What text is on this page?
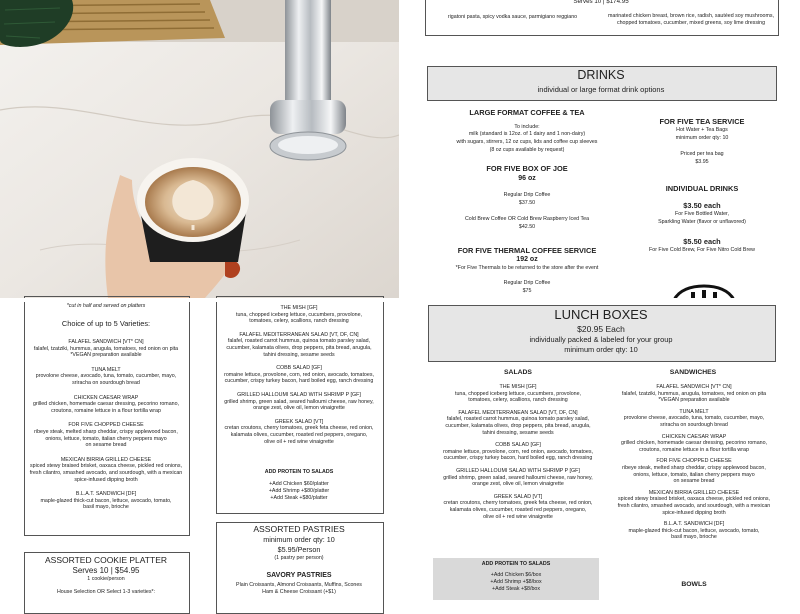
Serves 10 | $174.95
rigatoni pasta, spicy vodka sauce, parmigiano reggiano	marinated chicken breast, brown rice, radish, sautéed soy mushrooms,
chopped tomatoes, cucumber, mixed greens, soy lime dressing
DRINKS
individual or large format drink options
LARGE FORMAT COFFEE & TEA
To include:
milk (standard is 12oz. of 1 dairy and 1 non-dairy)
with sugars, stirrers, 12 oz cups, lids and coffee cup sleeves
(8 oz cups available by request)
FOR FIVE BOX OF JOE
96 oz
Regular Drip Coffee
$37.50
Cold Brew Coffee OR Cold Brew Raspberry Iced Tea
$42.50
FOR FIVE THERMAL COFFEE SERVICE
192 oz
*For Five Thermals to be returned to the store after the event
Regular Drip Coffee
$75
FOR FIVE TEA SERVICE
Hot Water + Tea Bags
minimum order qty: 10
Priced per tea bag
$3.95
INDIVIDUAL DRINKS
$3.50 each
For Five Bottled Water,
Sparkling Water (flavor or unflavored)
$5.50 each
For Five Cold Brew, For Five Nitro Cold Brew
*cut in half and served on platters
Choice of up to 5 Varieties:
FALAFEL SANDWICH [VT* CN]
falafel, tzatziki, hummus, arugula, tomatoes, red onion on pita
*VEGAN preparation available
TUNA MELT
provolone cheese, avocado, tuna, tomato, cucumber, mayo,
sriracha on sourdough bread
CHICKEN CAESAR WRAP
grilled chicken, homemade caesar dressing, pecorino romano,
croutons, romaine lettuce in a flour tortilla wrap
FOR FIVE CHOPPED CHEESE
ribeye steak, melted sharp cheddar, crispy applewood bacon,
onions, lettuce, tomato, italian cherry peppers mayo
on sesame bread
MEXICAN BIRRIA GRILLED CHEESE
spiced stewy braised brisket, oaxaca cheese, pickled red onions,
fresh cilantro, smashed avocado, and sourdough, with a mexican
spice-infused dipping broth
B.L.A.T. SANDWICH [DF]
maple-glazed thick-cut bacon, lettuce, avocado, tomato,
basil mayo, brioche
ASSORTED COOKIE PLATTER
Serves 10 | $54.95
1 cookie/person
House Selection OR Select 1-3 varieties*:
THE MISH [GF]
tuna, chopped iceberg lettuce, cucumbers, provolone,
tomatoes, celery, scallions, ranch dressing
FALAFEL MEDITERRANEAN SALAD [VT, DF, CN]
falafel, roasted carrot hummus, quinoa tomato parsley salad,
cucumber, kalamata olives, drop peppers, pita bread, arugula,
tahini dressing, sesame seeds
COBB SALAD [GF]
romaine lettuce, provolone, corn, red onion, avocado, tomatoes,
cucumber, crispy turkey bacon, hard boiled egg, ranch dressing
GRILLED HALLOUMI SALAD WITH SHRIMP P [GF]
grilled shrimp, green salad, seared halloumi cheese, raw honey,
orange zest, olive oil, lemon vinaigrette
GREEK SALAD [VT]
cretan croutons, cherry tomatoes, greek feta cheese, red onion,
kalamata olives, cucumber, roasted red peppers, oregano,
olive oil + red wine vinaigrette
ADD PROTEIN TO SALADS
+Add Chicken $60/platter
+Add Shrimp +$80/platter
+Add Steak +$80/platter
ASSORTED PASTRIES
minimum order qty: 10
$5.95/Person
(1 pastry per person)
SAVORY PASTRIES
Plain Croissants, Almond Croissants, Muffins, Scones
Ham & Cheese Croissant (+$1)
LUNCH BOXES
$20.95 Each
individually packed & labeled for your group
minimum order qty: 10
SALADS	SANDWICHES
THE MISH [GF]
tuna, chopped iceberg lettuce, cucumbers, provolone,
tomatoes, celery, scallions, ranch dressing
FALAFEL MEDITERRANEAN SALAD [VT, DF, CN]
falafel, roasted carrot hummus, quinoa tomato parsley salad,
cucumber, kalamata olives, drop peppers, pita bread, arugula,
tahini dressing, sesame seeds
COBB SALAD [GF]
romaine lettuce, provolone, corn, red onion, avocado, tomatoes,
cucumber, crispy turkey bacon, hard boiled egg, ranch dressing
GRILLED HALLOUMI SALAD WITH SHRIMP P [GF]
grilled shrimp, green salad, seared halloumi cheese, raw honey,
orange zest, olive oil, lemon vinaigrette
GREEK SALAD [VT]
cretan croutons, cherry tomatoes, greek feta cheese, red onion,
kalamata olives, cucumber, roasted red peppers, oregano,
olive oil + red wine vinaigrette
FALAFEL SANDWICH [VT* CN]
falafel, tzatziki, hummus, arugula, tomatoes, red onion on pita
*VEGAN preparation available
TUNA MELT
provolone cheese, avocado, tuna, tomato, cucumber, mayo,
sriracha on sourdough bread
CHICKEN CAESAR WRAP
grilled chicken, homemade caesar dressing, pecorino romano,
croutons, romaine lettuce in a flour tortilla wrap
FOR FIVE CHOPPED CHEESE
ribeye steak, melted sharp cheddar, crispy applewood bacon,
onions, lettuce, tomato, italian cherry peppers mayo
on sesame bread
MEXICAN BIRRIA GRILLED CHEESE
spiced stewy braised brisket, oaxaca cheese, pickled red onions,
fresh cilantro, smashed avocado, and sourdough, with a mexican
spice-infused dipping broth
B.L.A.T. SANDWICH [DF]
maple-glazed thick-cut bacon, lettuce, avocado, tomato,
basil mayo, brioche
ADD PROTEIN TO SALADS
+Add Chicken $6/box
+Add Shrimp +$8/box
+Add Steak +$8/box
BOWLS
